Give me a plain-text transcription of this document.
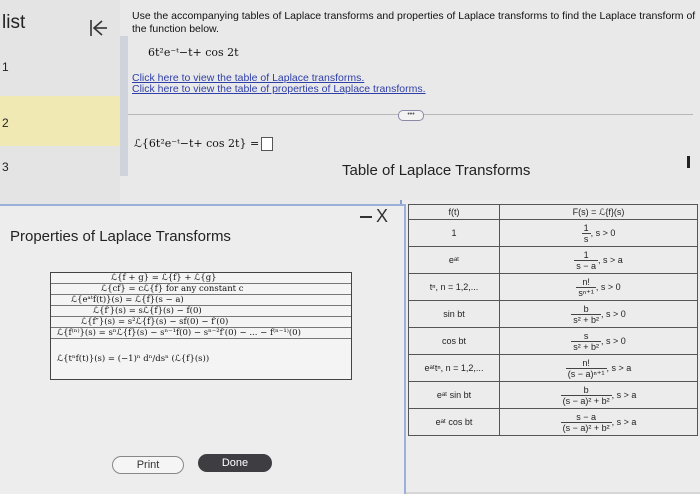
list
1
2
3
Use the accompanying tables of Laplace transforms and properties of Laplace transforms to find the Laplace transform of the function below.
6t²e⁻ᵗ−t+ cos 2t
Click here to view the table of Laplace transforms.
Click here to view the table of properties of Laplace transforms.
•••
ℒ{6t²e⁻ᵗ−t+ cos 2t} =
Table of Laplace Transforms
f(t)	F(s) = ℒ{f}(s)
1	$\frac{1}{s}$ , s > 0
eᵃᵗ	$\frac{1}{s - a}$ , s > a
tⁿ, n = 1,2,...	$\frac{n!}{\text{sⁿ⁺¹}}$ , s > 0
sin bt	$\frac{b}{\text{s² + b²}}$ , s > 0
cos bt	$\frac{s}{\text{s² + b²}}$ , s > 0
eᵃᵗtⁿ, n = 1,2,...	$\frac{n!}{\text{(s − a)ⁿ⁺¹}}$ , s > a
eᵃᵗ sin bt	$\frac{b}{\text{(s − a)² + b²}}$ , s > a
eᵃᵗ cos bt	$\frac{s - a}{\text{(s − a)² + b²}}$ , s > a
Properties of Laplace Transforms
X
ℒ{f + g} = ℒ{f} + ℒ{g}
ℒ{cf} = cℒ{f} for any constant c
ℒ{eᵃᵗf(t)}(s) = ℒ{f}(s − a)
ℒ{f′}(s) = sℒ{f}(s) − f(0)
ℒ{f″}(s) = s²ℒ{f}(s) − sf(0) − f′(0)
ℒ{f⁽ⁿ⁾}(s) = sⁿℒ{f}(s) − sⁿ⁻¹f(0) − sⁿ⁻²f′(0) − ... − f⁽ⁿ⁻¹⁾(0)
ℒ{tⁿf(t)}(s) = (−1)ⁿ dⁿ/dsⁿ (ℒ{f}(s))
Print	Done
